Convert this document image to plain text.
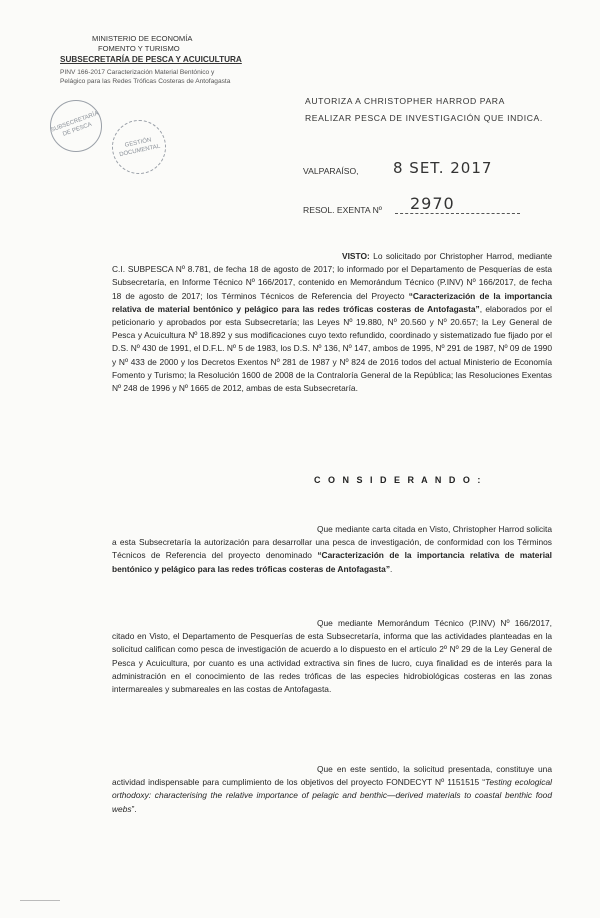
MINISTERIO DE ECONOMÍA
FOMENTO Y TURISMO
SUBSECRETARÍA DE PESCA Y ACUICULTURA
PINV 166-2017 Caracterización Material Bentónico y
Pelágico para las Redes Tróficas Costeras de Antofagasta
SUBSECRETARÍA DE PESCA
GESTIÓN DOCUMENTAL
AUTORIZA A CHRISTOPHER HARROD PARA
REALIZAR PESCA DE INVESTIGACIÓN QUE INDICA.
VALPARAÍSO, 8 SET. 2017
RESOL. EXENTA Nº 2970
VISTO: Lo solicitado por Christopher Harrod, mediante C.I. SUBPESCA Nº 8.781, de fecha 18 de agosto de 2017; lo informado por el Departamento de Pesquerías de esta Subsecretaría, en Informe Técnico Nº 166/2017, contenido en Memorándum Técnico (P.INV) Nº 166/2017, de fecha 18 de agosto de 2017; los Términos Técnicos de Referencia del Proyecto “Caracterización de la importancia relativa de material bentónico y pelágico para las redes tróficas costeras de Antofagasta”, elaborados por el peticionario y aprobados por esta Subsecretaría; las Leyes Nº 19.880, Nº 20.560 y Nº 20.657; la Ley General de Pesca y Acuicultura Nº 18.892 y sus modificaciones cuyo texto refundido, coordinado y sistematizado fue fijado por el D.S. Nº 430 de 1991, el D.F.L. Nº 5 de 1983, los D.S. Nº 136, Nº 147, ambos de 1995, Nº 291 de 1987, Nº 09 de 1990 y Nº 433 de 2000 y los Decretos Exentos Nº 281 de 1987 y Nº 824 de 2016 todos del actual Ministerio de Economía Fomento y Turismo; la Resolución 1600 de 2008 de la Contraloría General de la República; las Resoluciones Exentas Nº 248 de 1996 y Nº 1665 de 2012, ambas de esta Subsecretaría.
C O N S I D E R A N D O :
Que mediante carta citada en Visto, Christopher Harrod solicita a esta Subsecretaría la autorización para desarrollar una pesca de investigación, de conformidad con los Términos Técnicos de Referencia del proyecto denominado “Caracterización de la importancia relativa de material bentónico y pelágico para las redes tróficas costeras de Antofagasta”.
Que mediante Memorándum Técnico (P.INV) Nº 166/2017, citado en Visto, el Departamento de Pesquerías de esta Subsecretaría, informa que las actividades planteadas en la solicitud califican como pesca de investigación de acuerdo a lo dispuesto en el artículo 2º Nº 29 de la Ley General de Pesca y Acuicultura, por cuanto es una actividad extractiva sin fines de lucro, cuya finalidad es de interés para la administración en el conocimiento de las redes tróficas de las especies hidrobiológicas costeras en las zonas intermareales y submareales en las costas de Antofagasta.
Que en este sentido, la solicitud presentada, constituye una actividad indispensable para cumplimiento de los objetivos del proyecto FONDECYT Nº 1151515 “Testing ecological orthodoxy: characterising the relative importance of pelagic and benthic—derived materials to coastal benthic food webs”.
